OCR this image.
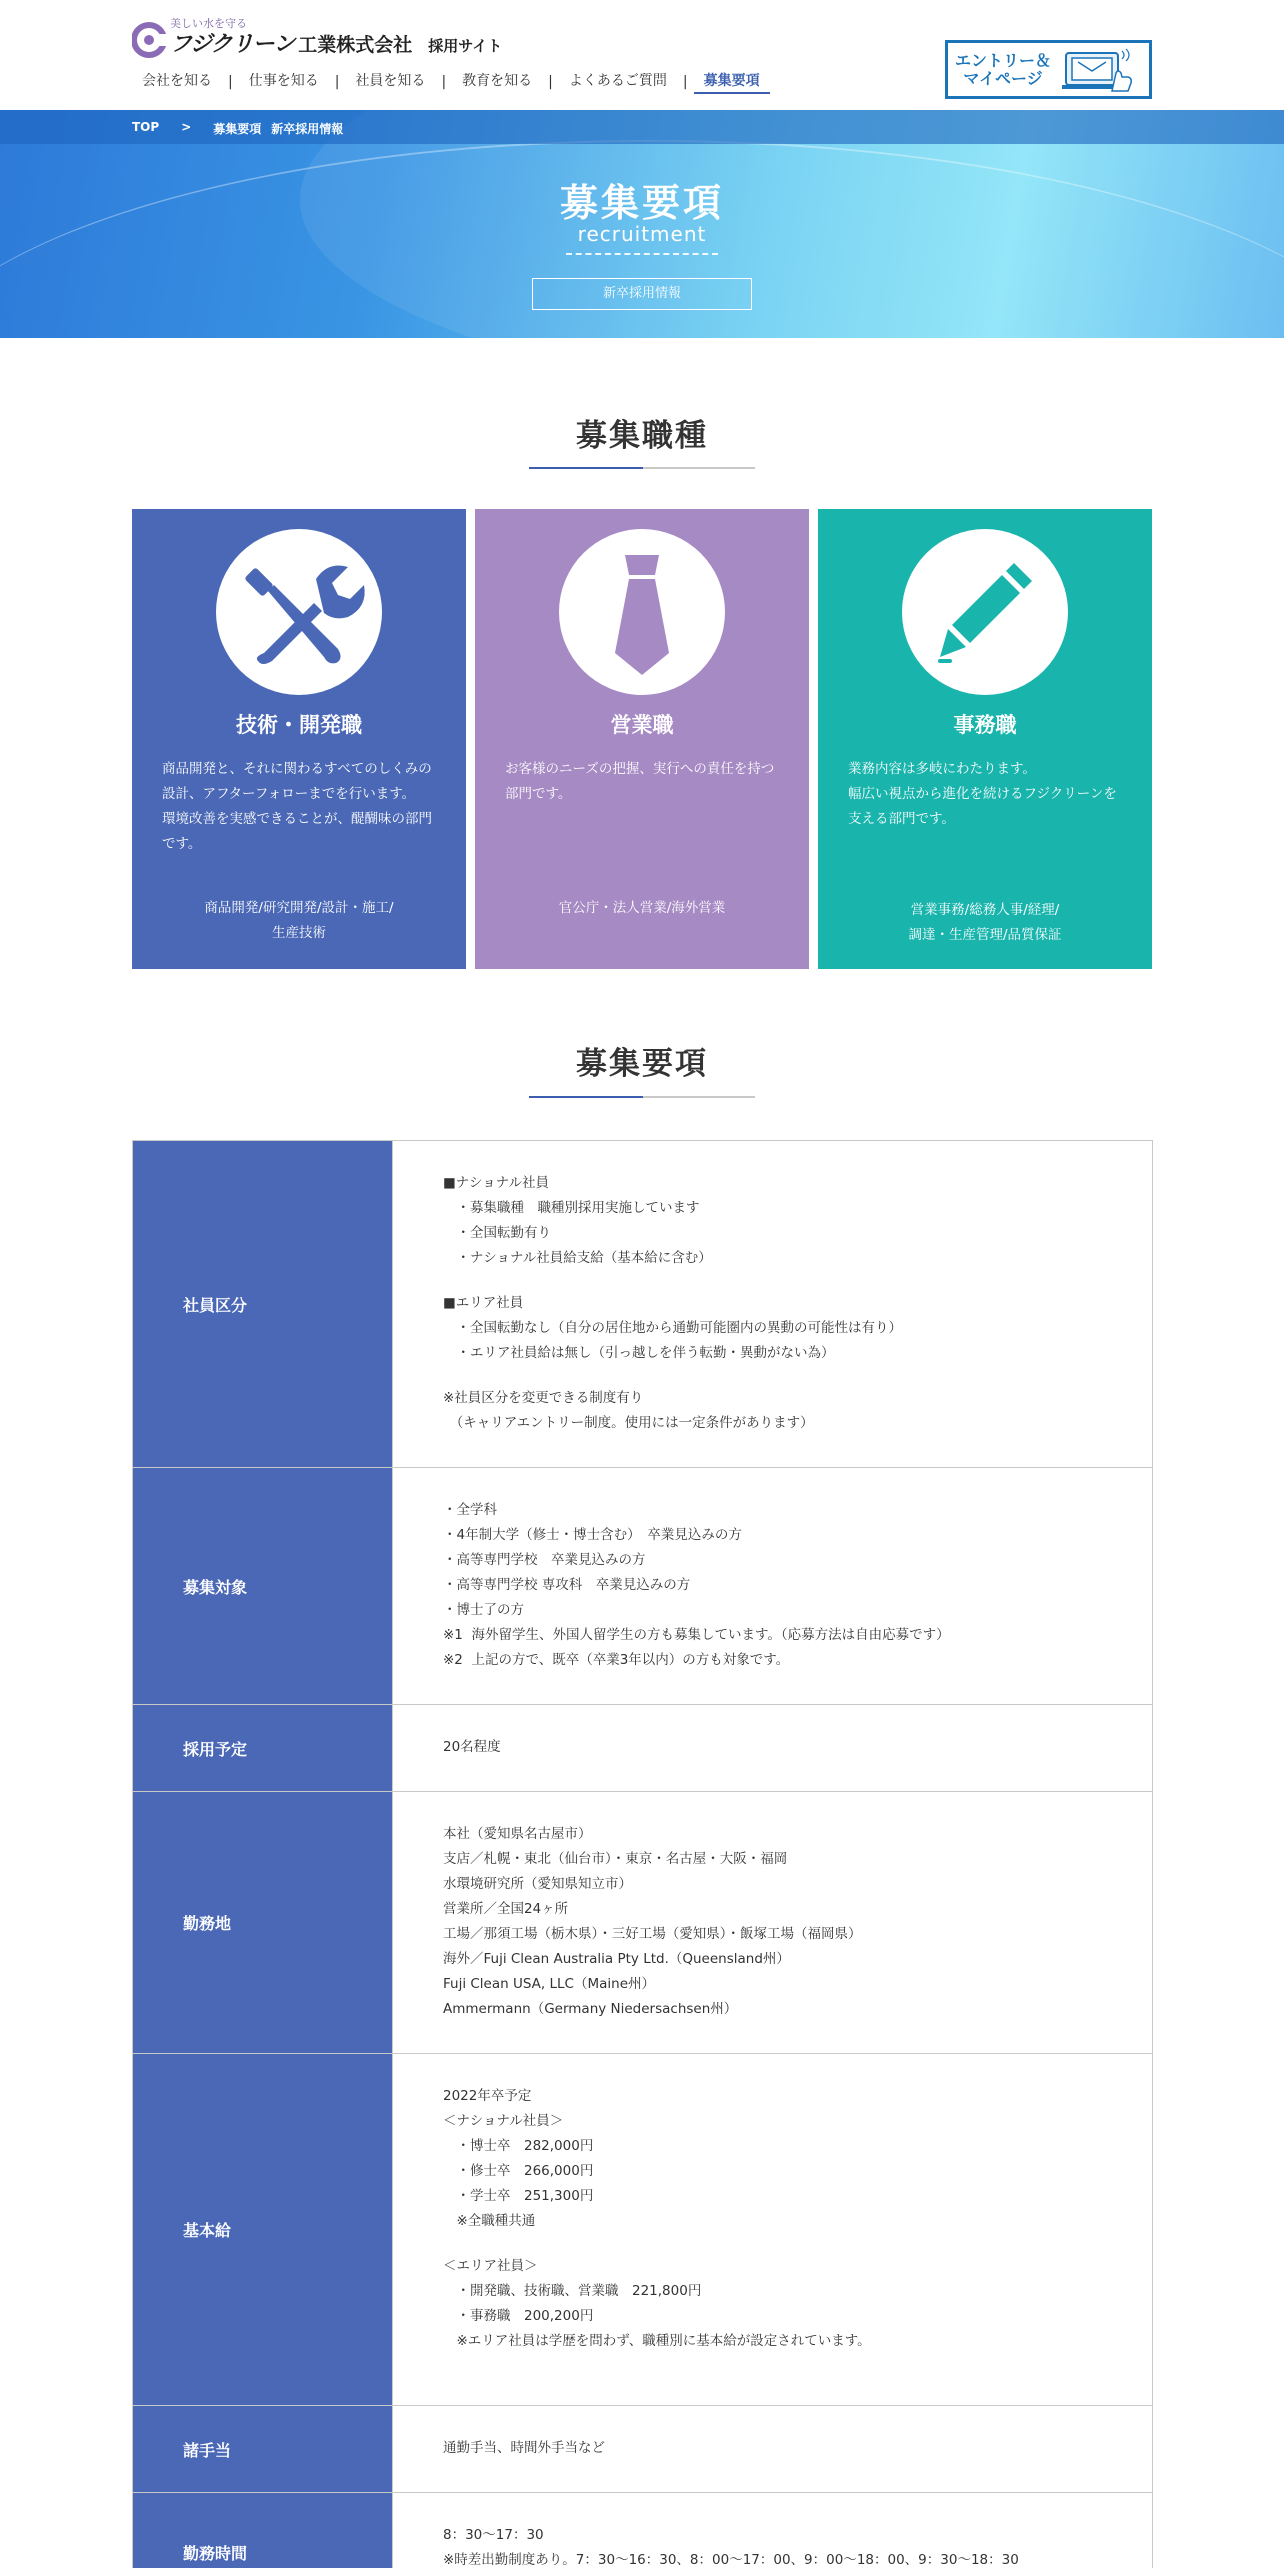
美しい水を守る
フジクリーン 工業株式会社 採用サイト
会社を知る	|	仕事を知る	|	社員を知る	|	教育を知る	|	よくあるご質問	|	募集要項
エントリー＆
マイページ
TOP > 募集要項 新卒採用情報
募集要項
recruitment
新卒採用情報
募集職種
技術・開発職
商品開発と、それに関わるすべてのしくみの設計、アフターフォローまでを行います。
環境改善を実感できることが、醍醐味の部門です。
商品開発/研究開発/設計・施工/
生産技術
営業職
お客様のニーズの把握、実行への責任を持つ部門です。
官公庁・法人営業/海外営業
事務職
業務内容は多岐にわたります。
幅広い視点から進化を続けるフジクリーンを支える部門です。
営業事務/総務人事/経理/
調達・生産管理/品質保証
募集要項
社員区分
■ナショナル社員
　・募集職種　職種別採用実施しています
　・全国転勤有り
　・ナショナル社員給支給（基本給に含む）
■エリア社員
　・全国転勤なし（自分の居住地から通勤可能圏内の異動の可能性は有り）
　・エリア社員給は無し（引っ越しを伴う転勤・異動がない為）
※社員区分を変更できる制度有り
　（キャリアエントリー制度。使用には一定条件があります）
募集対象
・全学科
・4年制大学（修士・博士含む）　卒業見込みの方
・高等専門学校　卒業見込みの方
・高等専門学校 専攻科　卒業見込みの方
・博士了の方
※1  海外留学生、外国人留学生の方も募集しています。（応募方法は自由応募です）
※2  上記の方で、既卒（卒業3年以内）の方も対象です。
採用予定	20名程度
勤務地
本社（愛知県名古屋市）
支店／札幌・東北（仙台市）・東京・名古屋・大阪・福岡
水環境研究所（愛知県知立市）
営業所／全国24ヶ所
工場／那須工場（栃木県）・三好工場（愛知県）・飯塚工場（福岡県）
海外／Fuji Clean Australia Pty Ltd.（Queensland州）
Fuji Clean USA, LLC（Maine州）
Ammermann（Germany Niedersachsen州）
基本給
2022年卒予定
＜ナショナル社員＞
　・博士卒　282,000円
　・修士卒　266,000円
　・学士卒　251,300円
　※全職種共通
＜エリア社員＞
　・開発職、技術職、営業職　221,800円
　・事務職　200,200円
　※エリア社員は学歴を問わず、職種別に基本給が設定されています。
諸手当	通勤手当、時間外手当など
勤務時間
8：30～17：30
※時差出勤制度あり。7：30～16：30、8：00～17：00、9：00～18：00、9：30～18：30
